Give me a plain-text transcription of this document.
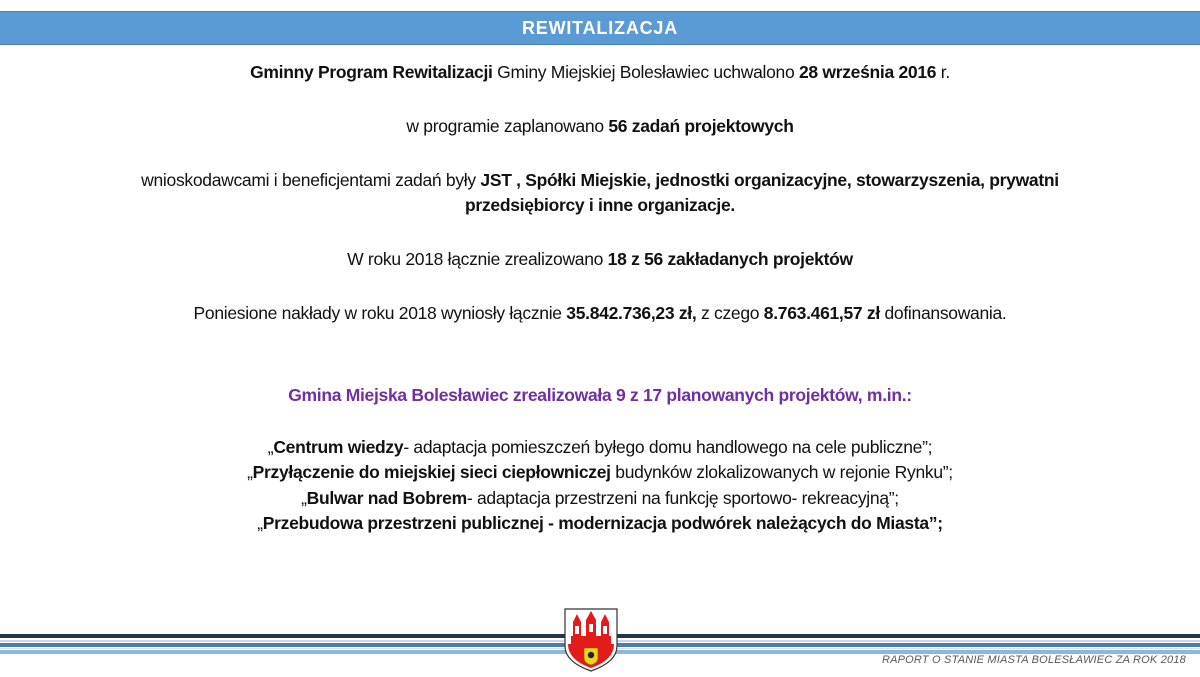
REWITALIZACJA
Gminny Program Rewitalizacji Gminy Miejskiej Bolesławiec uchwalono 28 września 2016 r.
w programie zaplanowano 56 zadań projektowych
wnioskodawcami i beneficjentami zadań były JST , Spółki Miejskie, jednostki organizacyjne, stowarzyszenia, prywatni
przedsiębiorcy i inne organizacje.
W roku 2018 łącznie zrealizowano 18 z 56 zakładanych projektów
Poniesione nakłady w roku 2018 wyniosły łącznie 35.842.736,23 zł, z czego 8.763.461,57 zł dofinansowania.
Gmina Miejska Bolesławiec zrealizowała 9 z 17 planowanych projektów, m.in.:
„Centrum wiedzy- adaptacja pomieszczeń byłego domu handlowego na cele publiczne”;
„Przyłączenie do miejskiej sieci ciepłowniczej budynków zlokalizowanych w rejonie Rynku”;
„Bulwar nad Bobrem- adaptacja przestrzeni na funkcję sportowo- rekreacyjną”;
„Przebudowa przestrzeni publicznej - modernizacja podwórek należących do Miasta”;
RAPORT O STANIE MIASTA BOLESŁAWIEC ZA ROK 2018
